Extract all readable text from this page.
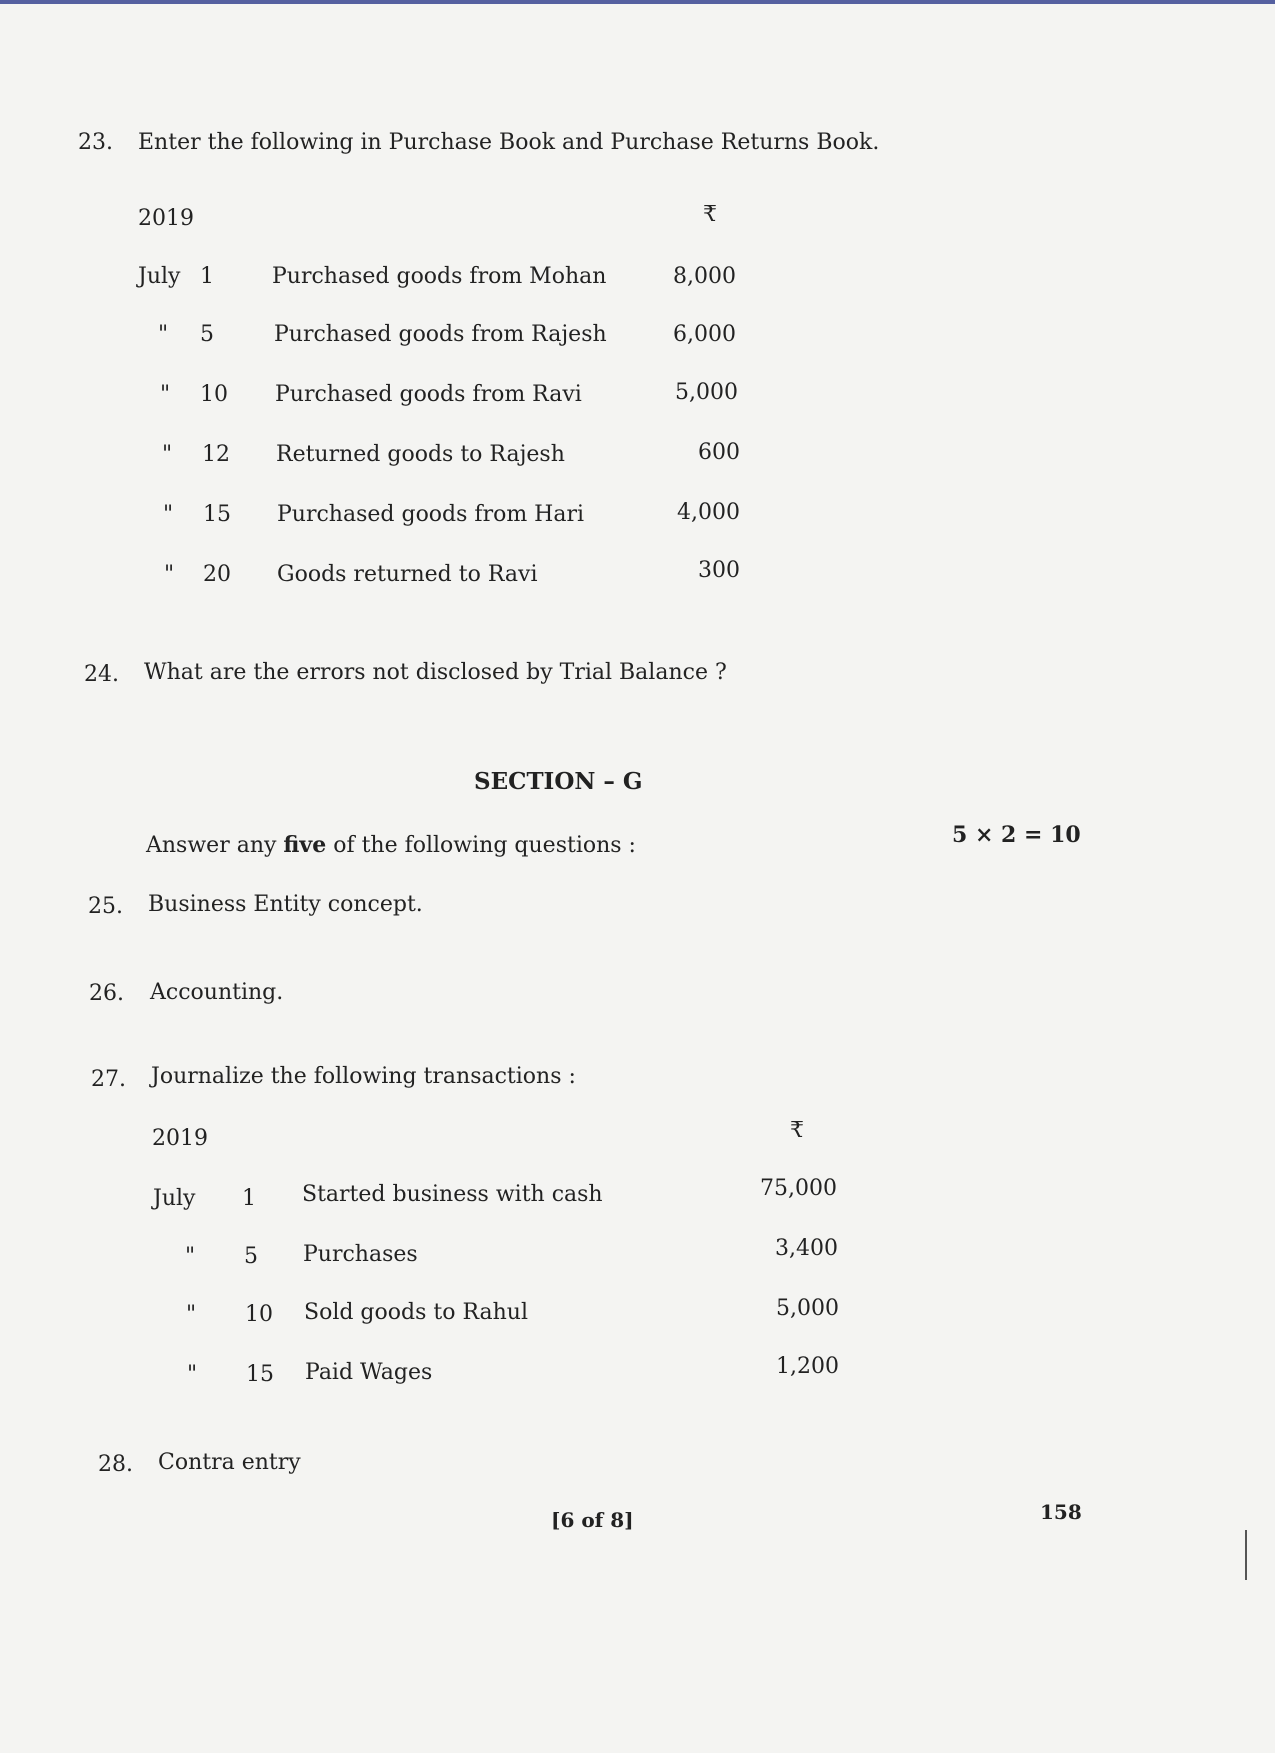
23. Enter the following in Purchase Book and Purchase Returns Book.
2019	₹
July 1	Purchased goods from Mohan	8,000
" 5	Purchased goods from Rajesh	6,000
" 10 Purchased goods from Ravi	5,000
" 12 Returned goods to Rajesh	600
" 15 Purchased goods from Hari	4,000
" 20 Goods returned to Ravi	300
24. What are the errors not disclosed by Trial Balance ?
SECTION – G
Answer any five of the following questions :	5 × 2 = 10
25. Business Entity concept.
26. Accounting.
27. Journalize the following transactions :
2019	₹
July 1 Started business with cash	75,000
" 5 Purchases	3,400
" 10 Sold goods to Rahul	5,000
" 15 Paid Wages	1,200
28. Contra entry
[6 of 8]	158
